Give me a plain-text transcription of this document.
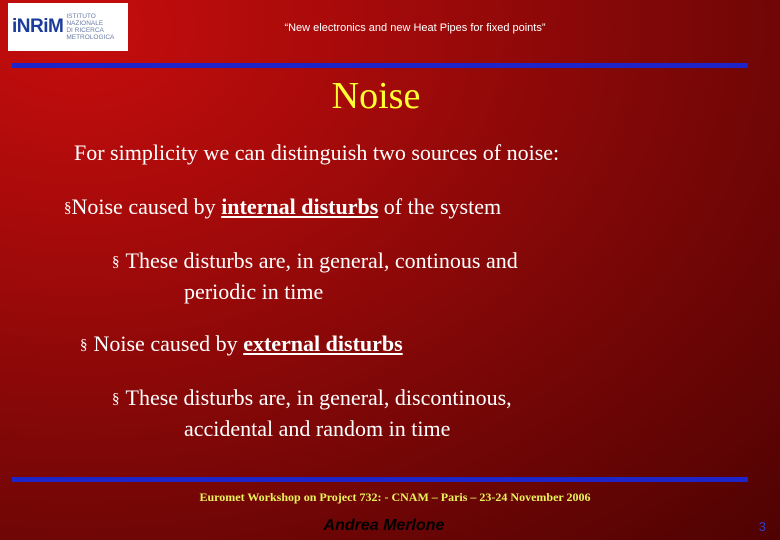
iNRiM ISTITUTO
NAZIONALE
DI RICERCA
METROLOGICA
“New electronics and new Heat Pipes for fixed points”
Noise
For simplicity we can distinguish two sources of noise:
§Noise caused by internal disturbs of the system
§ These disturbs are, in general, continous and
periodic in time
§ Noise caused by external disturbs
§ These disturbs are, in general, discontinous,
accidental and random in time
Euromet Workshop on Project 732: - CNAM – Paris – 23-24 November 2006
Andrea Merlone	3
